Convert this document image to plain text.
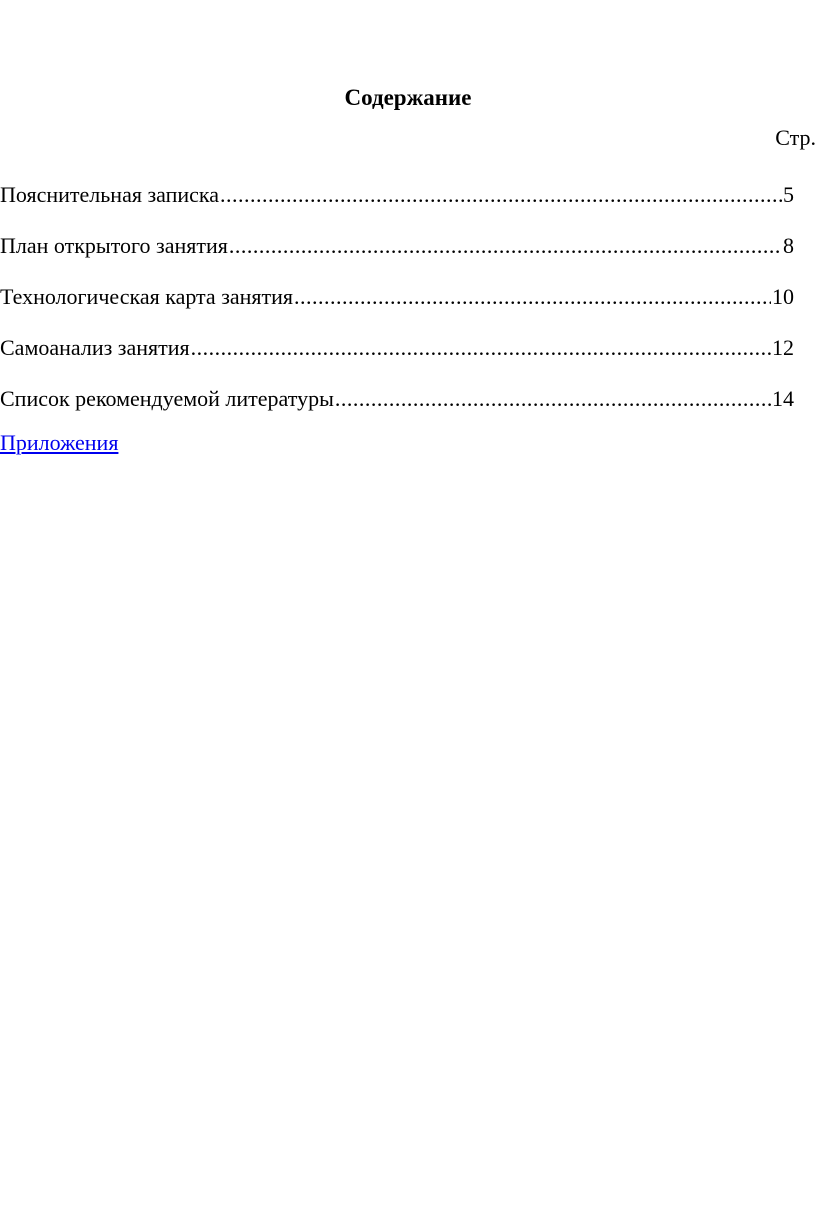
Содержание
Стр.
Пояснительная записка .....	5
План открытого занятия .....	8
Технологическая карта занятия .....	10
Самоанализ занятия .....	12
Список рекомендуемой литературы .....	14
Приложения
